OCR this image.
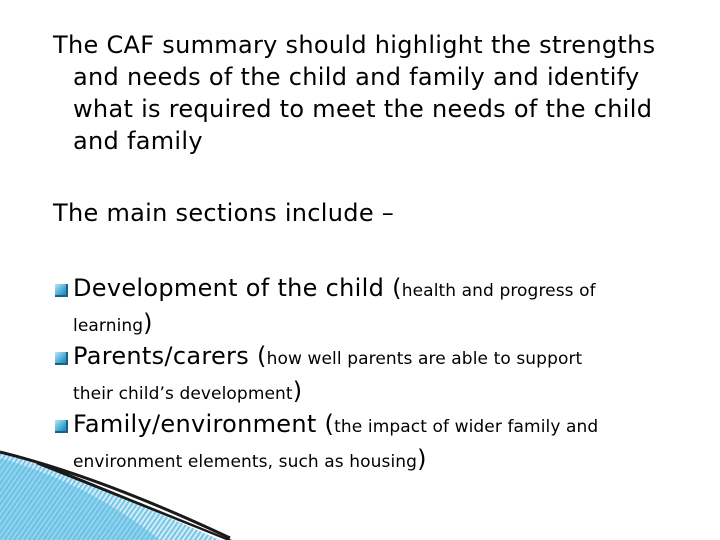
The CAF summary should highlight the strengths and needs of the child and family and identify what is required to meet the needs of the child and family
The main sections include –
Development of the child (health and progress of
learning)
Parents/carers (how well parents are able to support
their child’s development)
Family/environment (the impact of wider family and
environment elements, such as housing)
